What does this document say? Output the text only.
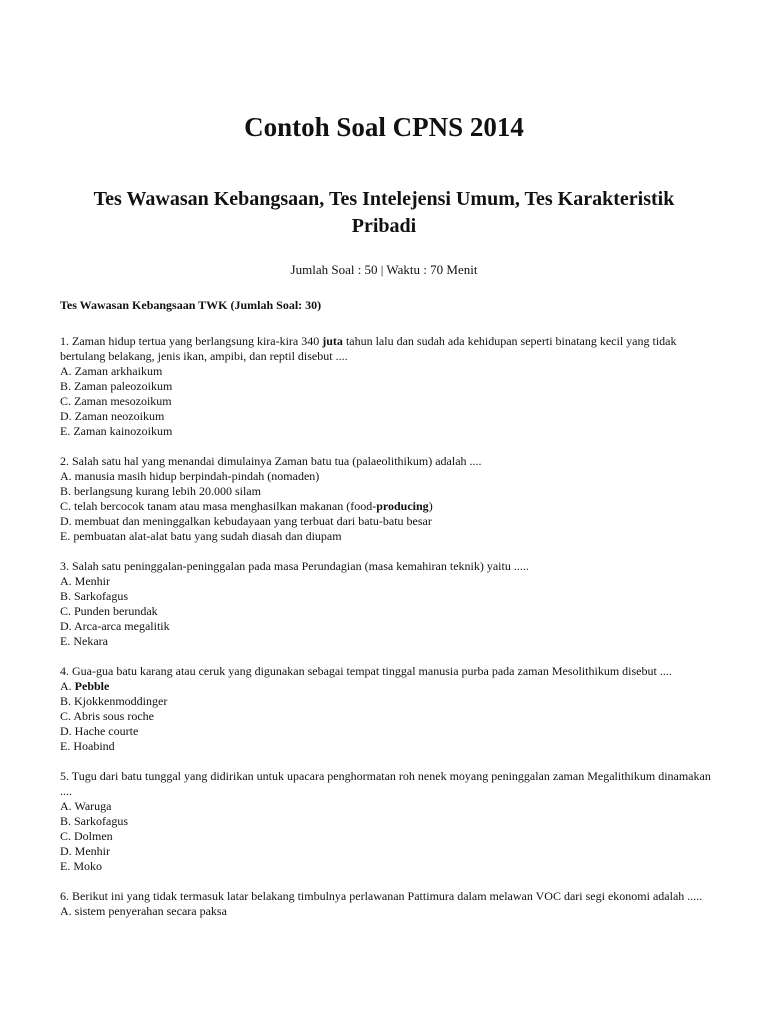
Contoh Soal CPNS 2014
Tes Wawasan Kebangsaan, Tes Intelejensi Umum, Tes Karakteristik Pribadi
Jumlah Soal : 50 | Waktu : 70 Menit
Tes Wawasan Kebangsaan TWK (Jumlah Soal: 30)

1. Zaman hidup tertua yang berlangsung kira-kira 340 juta tahun lalu dan sudah ada kehidupan seperti binatang kecil yang tidak bertulang belakang, jenis ikan, ampibi, dan reptil disebut ....

A. Zaman arkhaikum

B. Zaman paleozoikum

C. Zaman mesozoikum

D. Zaman neozoikum

E. Zaman kainozoikum

2. Salah satu hal yang menandai dimulainya Zaman batu tua (palaeolithikum) adalah ....

A. manusia masih hidup berpindah-pindah (nomaden)

B. berlangsung kurang lebih 20.000 silam

C. telah bercocok tanam atau masa menghasilkan makanan (food-producing)

D. membuat dan meninggalkan kebudayaan yang terbuat dari batu-batu besar

E. pembuatan alat-alat batu yang sudah diasah dan diupam

3. Salah satu peninggalan-peninggalan pada masa Perundagian (masa kemahiran teknik) yaitu .....

A. Menhir

B. Sarkofagus

C. Punden berundak

D. Arca-arca megalitik

E. Nekara

4. Gua-gua batu karang atau ceruk yang digunakan sebagai tempat tinggal manusia purba pada zaman Mesolithikum disebut ....

A. Pebble

B. Kjokkenmoddinger

C. Abris sous roche

D. Hache courte

E. Hoabind

5. Tugu dari batu tunggal yang didirikan untuk upacara penghormatan roh nenek moyang peninggalan zaman Megalithikum dinamakan ....

A. Waruga

B. Sarkofagus

C. Dolmen

D. Menhir

E. Moko

6. Berikut ini yang tidak termasuk latar belakang timbulnya perlawanan Pattimura dalam melawan VOC dari segi ekonomi adalah .....

A. sistem penyerahan secara paksa
